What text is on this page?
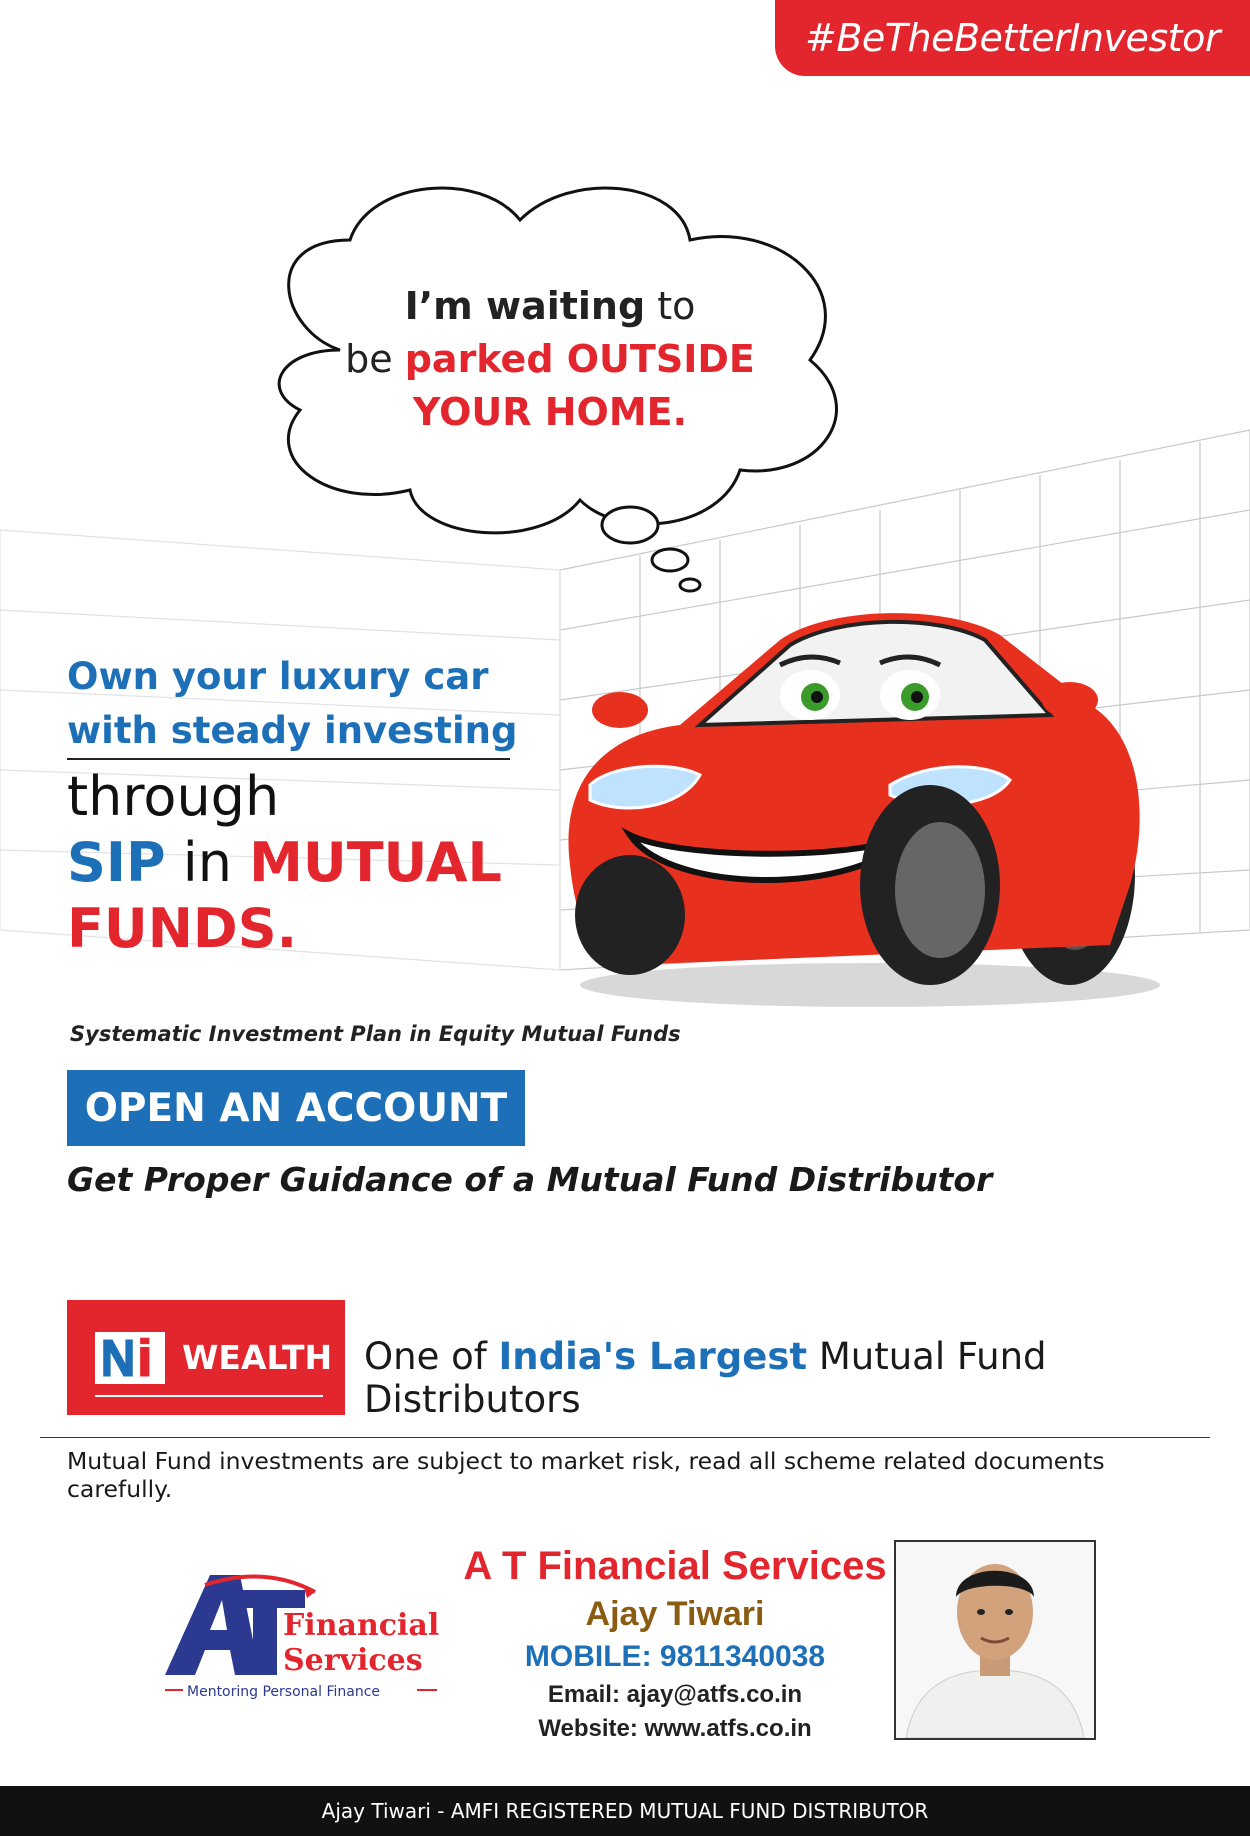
#BeTheBetterInvestor
I’m waiting to
be parked OUTSIDE
YOUR HOME.
Own your luxury car
with steady investing
through
SIP in MUTUAL
FUNDS.
Systematic Investment Plan in Equity Mutual Funds
OPEN AN ACCOUNT
Get Proper Guidance of a Mutual Fund Distributor
WEALTH One of India's Largest Mutual Fund Distributors
Mutual Fund investments are subject to market risk, read all scheme related documents carefully.
Financial
Services
Mentoring Personal Finance
A T Financial Services
Ajay Tiwari
MOBILE: 9811340038
Email: ajay@atfs.co.in
Website: www.atfs.co.in
Ajay Tiwari - AMFI REGISTERED MUTUAL FUND DISTRIBUTOR
